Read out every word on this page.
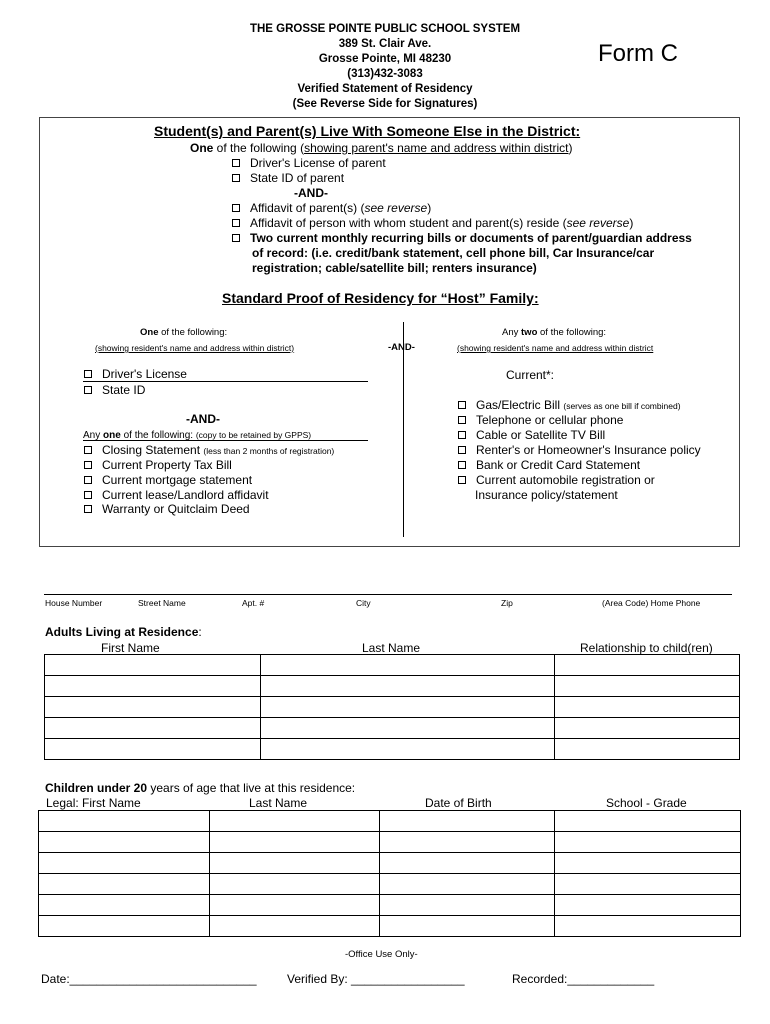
THE GROSSE POINTE PUBLIC SCHOOL SYSTEM
389 St. Clair Ave.
Grosse Pointe, MI 48230
(313)432-3083
Verified Statement of Residency
(See Reverse Side for Signatures)
Form C
Student(s) and Parent(s) Live With Someone Else in the District:
One of the following (showing parent's name and address within district)
Driver's License of parent
State ID of parent
-AND-
Affidavit of parent(s) (see reverse)
Affidavit of person with whom student and parent(s) reside (see reverse)
Two current monthly recurring bills or documents of parent/guardian address
of record: (i.e. credit/bank statement, cell phone bill, Car Insurance/car
registration; cable/satellite bill; renters insurance)
Standard Proof of Residency for “Host” Family:
One of the following:
(showing resident's name and address within district)	-AND-
Driver's License
State ID
-AND-
Any one of the following: (copy to be retained by GPPS)
Closing Statement (less than 2 months of registration)
Current Property Tax Bill
Current mortgage statement
Current lease/Landlord affidavit
Warranty or Quitclaim Deed
Any two of the following:
(showing resident's name and address within district
Current*:
Gas/Electric Bill (serves as one bill if combined)
Telephone or cellular phone
Cable or Satellite TV Bill
Renter's or Homeowner's Insurance policy
Bank or Credit Card Statement
Current automobile registration or
Insurance policy/statement
House Number	Street Name	Apt. #	City	Zip	(Area Code) Home Phone
Adults Living at Residence:
First Name	Last Name	Relationship to child(ren)

Children under 20 years of age that live at this residence:
Legal: First Name	Last Name	Date of Birth	School - Grade

-Office Use Only-
Date:____________________________	Verified By: _________________	Recorded:_____________
